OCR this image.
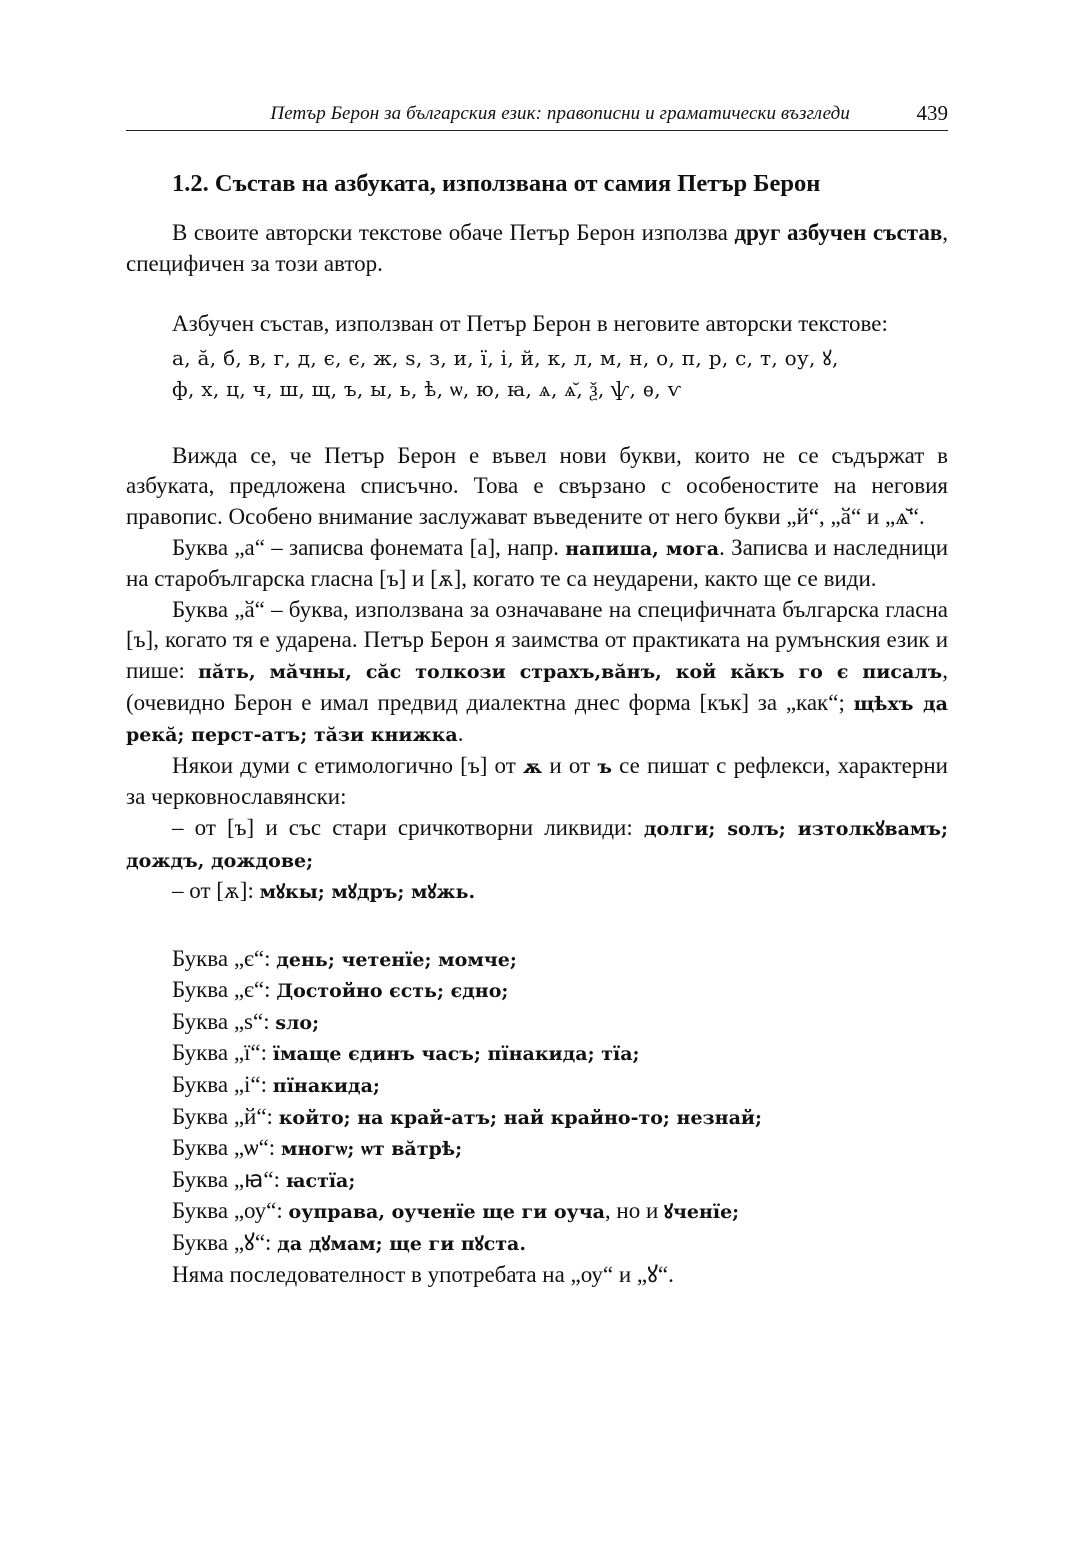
Петър Берон за българския език: правописни и граматически възгледи	439
1.2. Състав на азбуката, използвана от самия Петър Берон

В своите авторски текстове обаче Петър Берон използва друг азбучен състав, специфичен за този автор.

Азбучен състав, използван от Петър Берон в неговите авторски текстове:

а, ӑ, б, в, г, д, є, є, ж, ѕ, з, и, ї, і, й, к, л, м, н, о, п, р, с, т, оу, ꙋ,
ф, х, ц, ч, ш, щ, ъ, ы, ь, ѣ, ѡ, ю, ꙗ, ѧ, ѧ̆, ѯ, ѱ, ѳ, ѵ

Вижда се, че Петър Берон е въвел нови букви, които не се съдържат в азбуката, предложена списъчно. Това е свързано с особеностите на неговия правопис. Особено внимание заслужават въведените от него букви „й“, „ӑ“ и „ѧ̆“.

Буква „а“ – записва фонемата [а], напр. напиша, мога. Записва и наследници на старобългарска гласна [ъ] и [ѫ], когато те са неударени, както ще се види.

Буква „ӑ“ – буква, използвана за означаване на специфичната българска гласна [ъ], когато тя е ударена. Петър Берон я заимства от практиката на румънския език и пише: пӑть, мӑчны, сӑс толкози страхъ,вӑнъ, кой кӑкъ го є писалъ, (очевидно Берон е имал предвид диалектна днес форма [кък] за „как“; щѣхъ да рекӑ; перст-атъ; тӑзи книжка.

Някои думи с етимологично [ъ] от ѫ и от ъ се пишат с рефлекси, характерни за черковнославянски:

– от [ъ] и със стари сричкотворни ликвиди: долги; ѕолъ; изтолкꙋвамъ; дождъ, дождове;

– от [ѫ]: мꙋкы; мꙋдръ; мꙋжь.

Буква „є“: день; четенїе; момче;
Буква „є“: Достойно єсть; єдно;
Буква „ѕ“: ѕло;
Буква „ї“: їмаще єдинъ часъ; пїнакида; тїа;
Буква „і“: пїнакида;
Буква „й“: който; на край-атъ; най крайно-то; незнай;
Буква „ѡ“: многѡ; ѡт вӑтрѣ;
Буква „ꙗ“: ꙗстїа;
Буква „оу“: оуправа, оученїе ще ги оуча, но и ꙋченїе;
Буква „ꙋ“: да дꙋмам; ще ги пꙋста.
Няма последователност в употребата на „оу“ и „ꙋ“.
